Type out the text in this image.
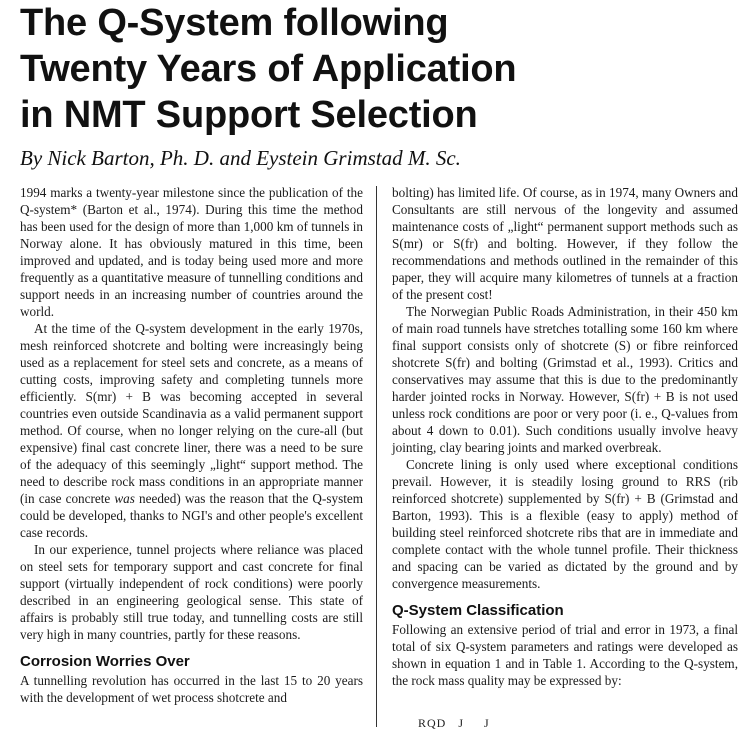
The Q-System following
Twenty Years of Application
in NMT Support Selection
By Nick Barton, Ph. D. and Eystein Grimstad M. Sc.

1994 marks a twenty-year milestone since the publication of the Q-system* (Barton et al., 1974). During this time the method has been used for the design of more than 1,000 km of tunnels in Norway alone. It has obviously matured in this time, been improved and updated, and is today being used more and more frequently as a quantitative measure of tunnelling conditions and support needs in an increasing number of countries around the world.

At the time of the Q-system development in the early 1970s, mesh reinforced shotcrete and bolting were increasingly being used as a replacement for steel sets and concrete, as a means of cutting costs, improving safety and completing tunnels more efficiently. S(mr) + B was becoming accepted in several countries even outside Scandinavia as a valid permanent support method. Of course, when no longer relying on the cure-all (but expensive) final cast concrete liner, there was a need to be sure of the adequacy of this seemingly „light“ support method. The need to describe rock mass conditions in an appropriate manner (in case concrete was needed) was the reason that the Q-system could be developed, thanks to NGI's and other people's excellent case records.

In our experience, tunnel projects where reliance was placed on steel sets for temporary support and cast concrete for final support (virtually independent of rock conditions) were poorly described in an engineering geological sense. This state of affairs is probably still true today, and tunnelling costs are still very high in many countries, partly for these reasons.

Corrosion Worries Over

A tunnelling revolution has occurred in the last 15 to 20 years with the development of wet process shotcrete and

bolting) has limited life. Of course, as in 1974, many Owners and Consultants are still nervous of the longevity and assumed maintenance costs of „light“ permanent support methods such as S(mr) or S(fr) and bolting. However, if they follow the recommendations and methods outlined in the remainder of this paper, they will acquire many kilometres of tunnels at a fraction of the present cost!

The Norwegian Public Roads Administration, in their 450 km of main road tunnels have stretches totalling some 160 km where final support consists only of shotcrete (S) or fibre reinforced shotcrete S(fr) and bolting (Grimstad et al., 1993). Critics and conservatives may assume that this is due to the predominantly harder jointed rocks in Norway. However, S(fr) + B is not used unless rock conditions are poor or very poor (i. e., Q-values from about 4 down to 0.01). Such conditions usually involve heavy jointing, clay bearing joints and marked overbreak.

Concrete lining is only used where exceptional conditions prevail. However, it is steadily losing ground to RRS (rib reinforced shotcrete) supplemented by S(fr) + B (Grimstad and Barton, 1993). This is a flexible (easy to apply) method of building steel reinforced shotcrete ribs that are in immediate and complete contact with the whole tunnel profile. Their thickness and spacing can be varied as dictated by the ground and by convergence measurements.

Q-System Classification

Following an extensive period of trial and error in 1973, a final total of six Q-system parameters and ratings were developed as shown in equation 1 and in Table 1. According to the Q-system, the rock mass quality may be expressed by:

RQD   J     J
